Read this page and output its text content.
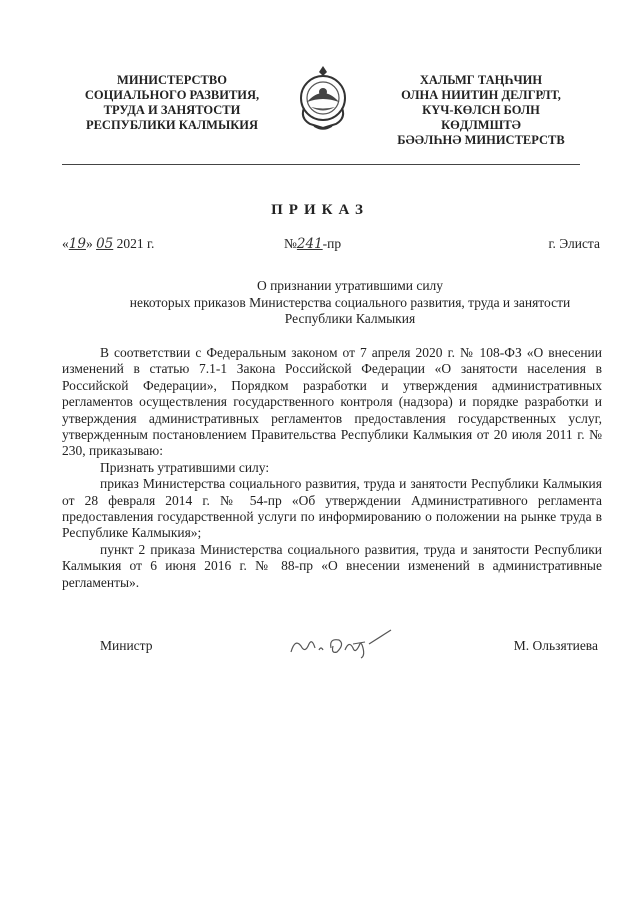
МИНИСТЕРСТВО
СОЦИАЛЬНОГО РАЗВИТИЯ,
ТРУДА И ЗАНЯТОСТИ
РЕСПУБЛИКИ КАЛМЫКИЯ
ХАЛЬМГ ТАҢҺЧИН
ОЛНА НИИТИН ДЕЛГРЛТ,
КҮЧ-КӨЛСН БОЛН
КӨДЛМШТӘ
БӘӘЛҺНӘ МИНИСТЕРСТВ
ПРИКАЗ
«19» 05 2021 г.	№241-пр	г. Элиста
О признании утратившими силу
некоторых приказов Министерства социального развития, труда и занятости
Республики Калмыкия

В соответствии с Федеральным законом от 7 апреля 2020 г. № 108-ФЗ «О внесении изменений в статью 7.1-1 Закона Российской Федерации «О занятости населения в Российской Федерации», Порядком разработки и утверждения административных регламентов осуществления государственного контроля (надзора) и порядке разработки и утверждения административных регламентов предоставления государственных услуг, утвержденным постановлением Правительства Республики Калмыкия от 20 июля 2011 г. № 230, приказываю:

Признать утратившими силу:

приказ Министерства социального развития, труда и занятости Республики Калмыкия от 28 февраля 2014 г. № 54-пр «Об утверждении Административного регламента предоставления государственной услуги по информированию о положении на рынке труда в Республике Калмыкия»;

пункт 2 приказа Министерства социального развития, труда и занятости Республики Калмыкия от 6 июня 2016 г. № 88-пр «О внесении изменений в административные регламенты».

Министр	М. Ользятиева
